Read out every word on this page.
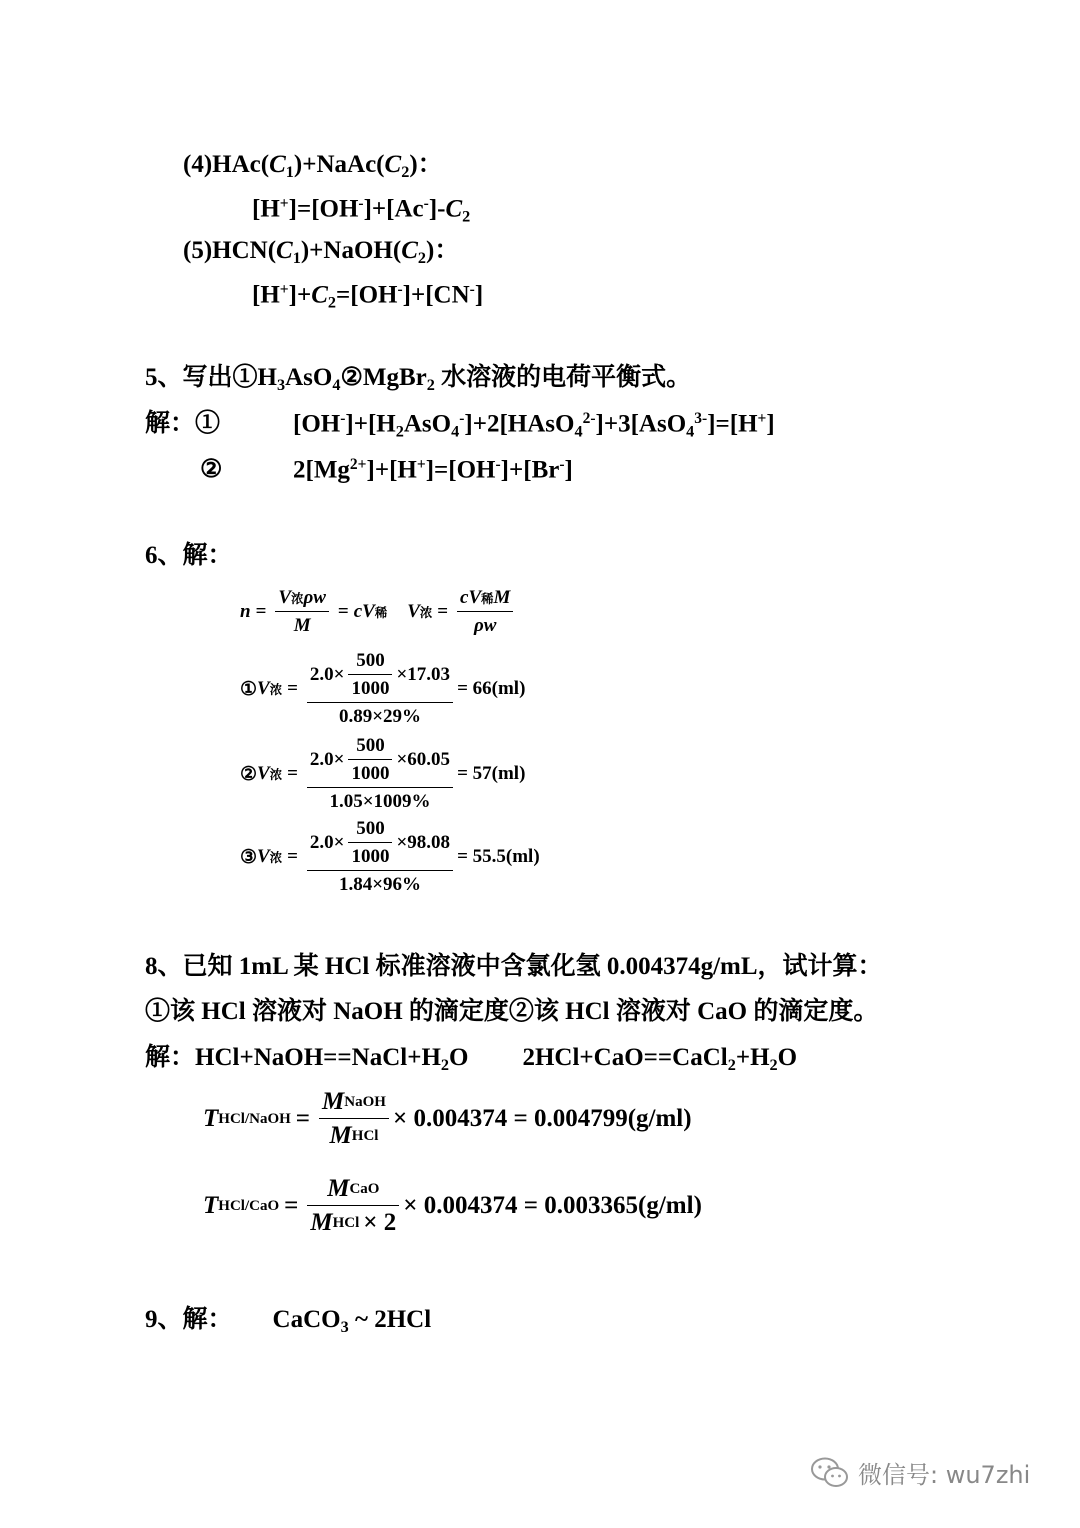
$(4)HAc(C_1)+NaAc(C_2)$：
$[H^+]=[OH^-]+[Ac^-]-C_2$
$(5)HCN(C_1)+NaOH(C_2)$：
$[H^+]+C_2=[OH^-]+[CN^-]$
5、写出$①H_3AsO_4②MgBr_2$ 水溶液的电荷平衡式。
解：①	$[OH^-]+[H_2AsO_4^-]+2[HAsO_4^{2-}]+3[AsO_4^{3-}]=[H^+]$
②	$2[Mg^{2+}]+[H^+]=[OH^-]+[Br^-]$
6、解：
$n = \frac{\text{V 浓 ρw}}{M}$ = cV 稀 V 浓 = $\frac{\text{cV 稀 M}}{\rho w}$
① V 浓 = $\frac{2.0\times \frac{500}{1000} \times 17.03}{0.89\times 29\%} = 66(ml)$
② V 浓 = $\frac{2.0\times \frac{500}{1000} \times 60.05}{1.05\times 1009\%} = 57(ml)$
③ V 浓 = $\frac{2.0\times \frac{500}{1000} \times 98.08}{1.84\times 96\%} = 55.5(ml)$
8、已知 1mL 某 HCl 标准溶液中含氯化氢 0.004374g/mL，试计算：
①该 HCl 溶液对 NaOH 的滴定度②该 HCl 溶液对 CaO 的滴定度。
解：$HCl+NaOH==NaCl+H_2O$ $2HCl+CaO==CaCl_2+H_2O$
T HCl/NaOH = $\frac{\text{M NaOH}}{\text{M HCl}} \times 0.004374 = 0.004799(g/ml)$
T $HCl/CaO = \frac{\text{M CaO}}{\text{M HCl × 2}} \times 0.004374 = 0.003365(g/ml)$
9、解： CaCO$_3$ ~ 2HCl
微信号: wu7zhi
